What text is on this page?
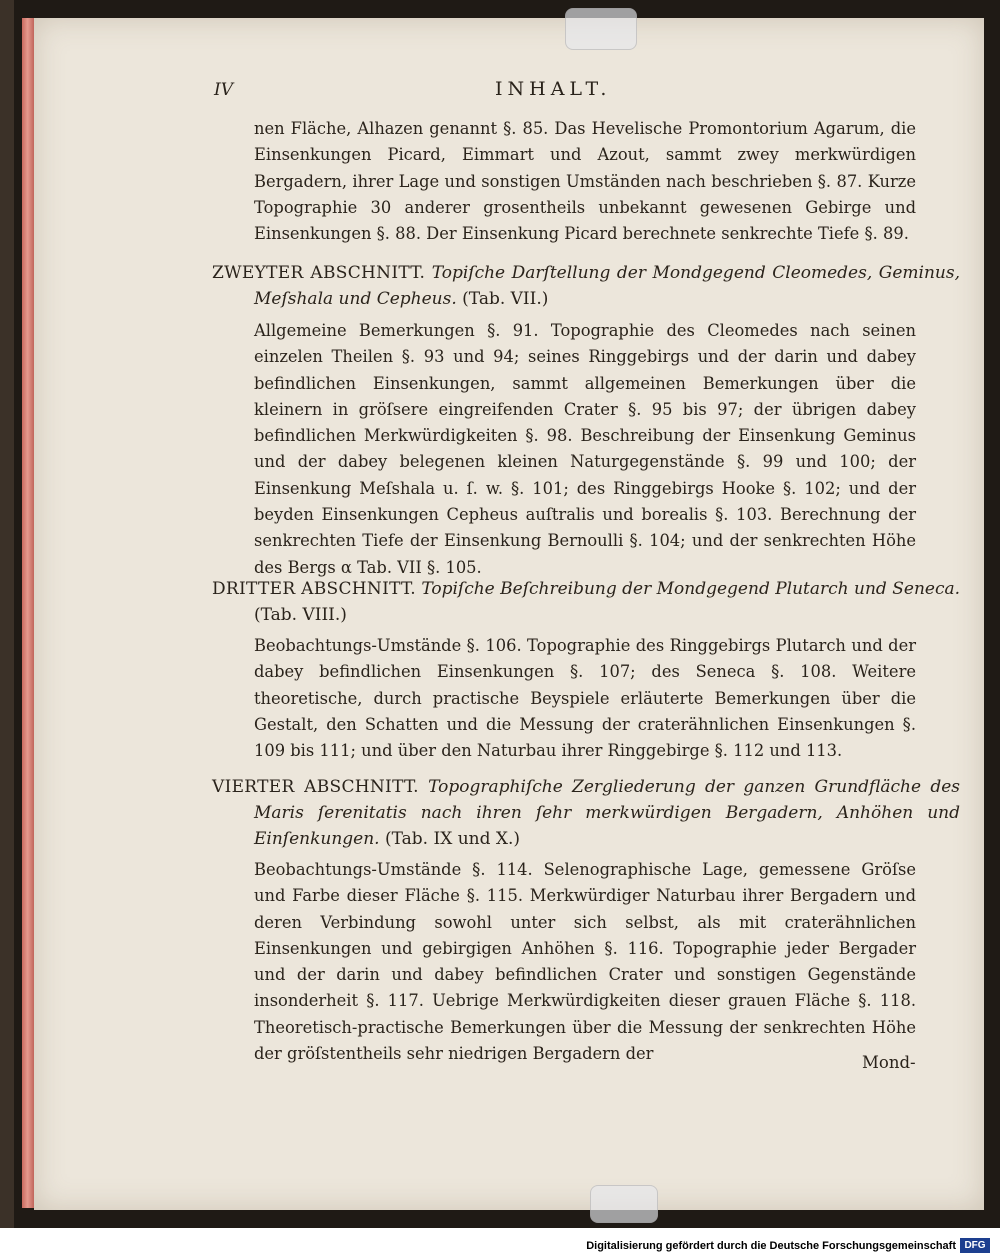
IV	INHALT.
nen Fläche, Alhazen genannt §. 85. Das Hevelische Promontorium Agarum, die Einsenkungen Picard, Eimmart und Azout, sammt zwey merkwürdigen Bergadern, ihrer Lage und sonstigen Umständen nach beschrieben §. 87. Kurze Topographie 30 anderer grosentheils unbekannt gewesenen Gebirge und Einsenkungen §. 88. Der Einsenkung Picard berechnete senkrechte Tiefe §. 89.
ZWEYTER ABSCHNITT. Topiſche Darſtellung der Mondgegend Cleomedes, Geminus, Meſshala und Cepheus. (Tab. VII.)
Allgemeine Bemerkungen §. 91. Topographie des Cleomedes nach seinen einzelen Theilen §. 93 und 94; seines Ringgebirgs und der darin und dabey befindlichen Einsenkungen, sammt allgemeinen Bemerkungen über die kleinern in gröſsere eingreifenden Crater §. 95 bis 97; der übrigen dabey befindlichen Merkwürdigkeiten §. 98. Beschreibung der Einsenkung Geminus und der dabey belegenen kleinen Naturgegenstände §. 99 und 100; der Einsenkung Meſshala u. ſ. w. §. 101; des Ringgebirgs Hooke §. 102; und der beyden Einsenkungen Cepheus auſtralis und borealis §. 103. Berechnung der senkrechten Tiefe der Einsenkung Bernoulli §. 104; und der senkrechten Höhe des Bergs α Tab. VII §. 105.
DRITTER ABSCHNITT. Topiſche Beſchreibung der Mondgegend Plutarch und Seneca. (Tab. VIII.)
Beobachtungs-Umstände §. 106. Topographie des Ringgebirgs Plutarch und der dabey befindlichen Einsenkungen §. 107; des Seneca §. 108. Weitere theoretische, durch practische Beyspiele erläuterte Bemerkungen über die Gestalt, den Schatten und die Messung der craterähnlichen Einsenkungen §. 109 bis 111; und über den Naturbau ihrer Ringgebirge §. 112 und 113.
VIERTER ABSCHNITT. Topographiſche Zergliederung der ganzen Grundfläche des Maris ſerenitatis nach ihren ſehr merkwürdigen Bergadern, Anhöhen und Einſenkungen. (Tab. IX und X.)
Beobachtungs-Umstände §. 114. Selenographische Lage, gemessene Gröſse und Farbe dieser Fläche §. 115. Merkwürdiger Naturbau ihrer Bergadern und deren Verbindung sowohl unter sich selbst, als mit craterähnlichen Einsenkungen und gebirgigen Anhöhen §. 116. Topographie jeder Bergader und der darin und dabey befindlichen Crater und sonstigen Gegenstände insonderheit §. 117. Uebrige Merkwürdigkeiten dieser grauen Fläche §. 118. Theoretisch-practische Bemerkungen über die Messung der senkrechten Höhe der gröſstentheils sehr niedrigen Bergadern der	Mond-
Digitalisierung gefördert durch die Deutsche Forschungsgemeinschaft DFG
